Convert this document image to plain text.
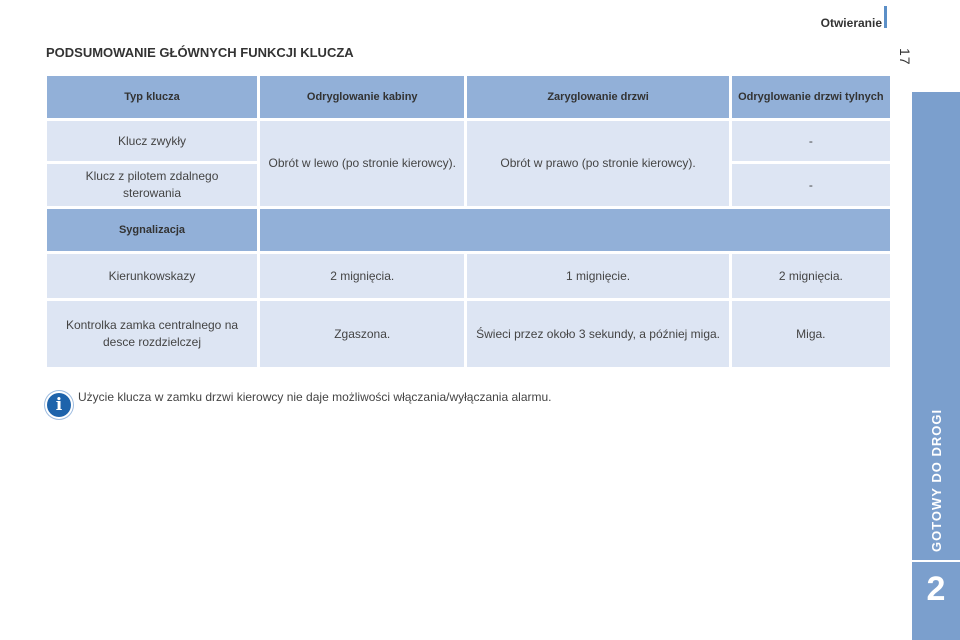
Otwieranie
17
GOTOWY DO DROGI
2
PODSUMOWANIE GŁÓWNYCH FUNKCJI KLUCZA
Typ klucza	Odryglowanie kabiny	Zaryglowanie drzwi	Odryglowanie drzwi tylnych
Klucz zwykły	Obrót w lewo (po stronie kierowcy).	Obrót w prawo (po stronie kierowcy).	-
Klucz z pilotem zdalnego sterowania			-
Sygnalizacja			
Kierunkowskazy	2 mignięcia.	1 mignięcie.	2 mignięcia.
Kontrolka zamka centralnego na desce rozdzielczej	Zgaszona.	Świeci przez około 3 sekundy, a później miga.	Miga.
i	Użycie klucza w zamku drzwi kierowcy nie daje możliwości włączania/wyłączania alarmu.
